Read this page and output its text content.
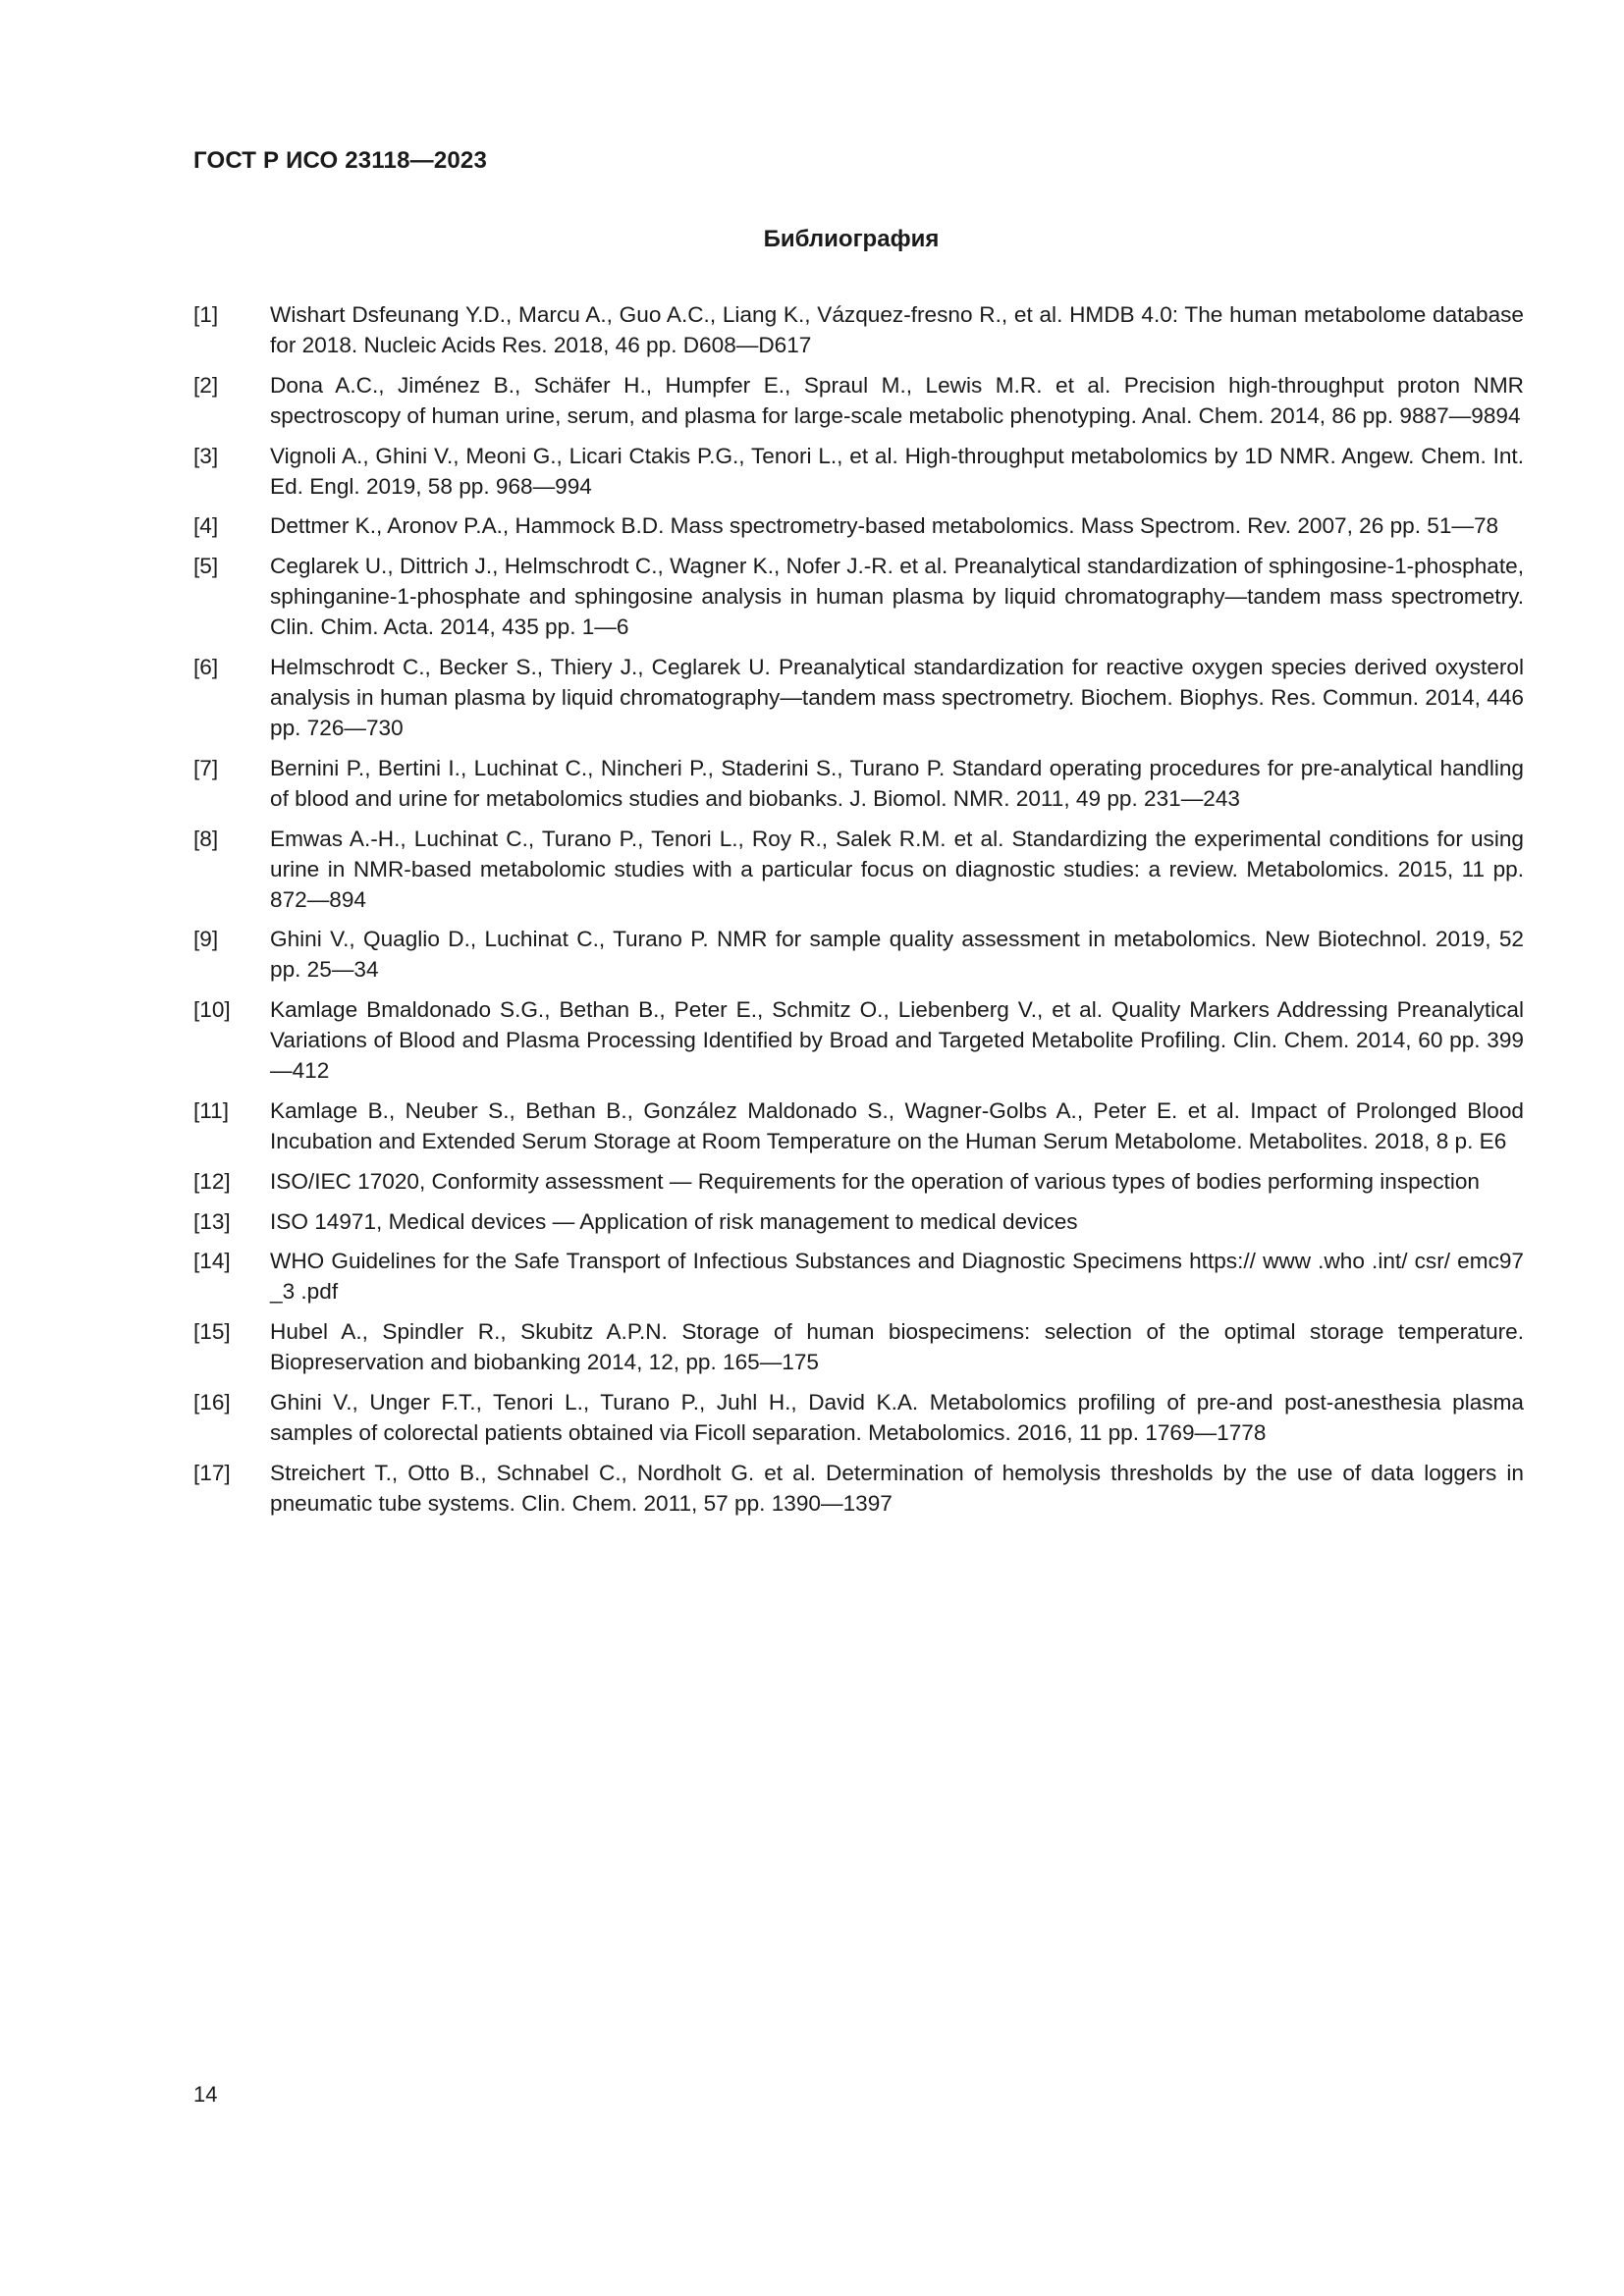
ГОСТ Р ИСО 23118—2023
Библиография
[1]	Wishart Dsfeunang Y.D., Marcu A., Guo A.C., Liang K., Vázquez-fresno R., et al. HMDB 4.0: The human metabolome database for 2018. Nucleic Acids Res. 2018, 46 pp. D608—D617
[2]	Dona A.C., Jiménez B., Schäfer H., Humpfer E., Spraul M., Lewis M.R. et al. Precision high-throughput proton NMR spectroscopy of human urine, serum, and plasma for large-scale metabolic phenotyping. Anal. Chem. 2014, 86 pp. 9887—9894
[3]	Vignoli A., Ghini V., Meoni G., Licari Ctakis P.G., Tenori L., et al. High-throughput metabolomics by 1D NMR. Angew. Chem. Int. Ed. Engl. 2019, 58 pp. 968—994
[4]	Dettmer K., Aronov P.A., Hammock B.D. Mass spectrometry-based metabolomics. Mass Spectrom. Rev. 2007, 26 pp. 51—78
[5]	Ceglarek U., Dittrich J., Helmschrodt C., Wagner K., Nofer J.-R. et al. Preanalytical standardization of sphingosine-1-phosphate, sphinganine-1-phosphate and sphingosine analysis in human plasma by liquid chromatography—tandem mass spectrometry. Clin. Chim. Acta. 2014, 435 pp. 1—6
[6]	Helmschrodt C., Becker S., Thiery J., Ceglarek U. Preanalytical standardization for reactive oxygen species derived oxysterol analysis in human plasma by liquid chromatography—tandem mass spectrometry. Biochem. Biophys. Res. Commun. 2014, 446 pp. 726—730
[7]	Bernini P., Bertini I., Luchinat C., Nincheri P., Staderini S., Turano P. Standard operating procedures for pre-analytical handling of blood and urine for metabolomics studies and biobanks. J. Biomol. NMR. 2011, 49 pp. 231—243
[8]	Emwas A.-H., Luchinat C., Turano P., Tenori L., Roy R., Salek R.M. et al. Standardizing the experimental conditions for using urine in NMR-based metabolomic studies with a particular focus on diagnostic studies: a review. Metabolomics. 2015, 11 pp. 872—894
[9]	Ghini V., Quaglio D., Luchinat C., Turano P. NMR for sample quality assessment in metabolomics. New Biotechnol. 2019, 52 pp. 25—34
[10]	Kamlage Bmaldonado S.G., Bethan B., Peter E., Schmitz O., Liebenberg V., et al. Quality Markers Addressing Preanalytical Variations of Blood and Plasma Processing Identified by Broad and Targeted Metabolite Profiling. Clin. Chem. 2014, 60 pp. 399—412
[11]	Kamlage B., Neuber S., Bethan B., González Maldonado S., Wagner-Golbs A., Peter E. et al. Impact of Prolonged Blood Incubation and Extended Serum Storage at Room Temperature on the Human Serum Metabolome. Metabolites. 2018, 8 p. E6
[12]	ISO/IEC 17020, Conformity assessment — Requirements for the operation of various types of bodies performing inspection
[13]	ISO 14971, Medical devices — Application of risk management to medical devices
[14]	WHO Guidelines for the Safe Transport of Infectious Substances and Diagnostic Specimens https:// www .who .int/ csr/ emc97 _3 .pdf
[15]	Hubel A., Spindler R., Skubitz A.P.N. Storage of human biospecimens: selection of the optimal storage temperature. Biopreservation and biobanking 2014, 12, pp. 165—175
[16]	Ghini V., Unger F.T., Tenori L., Turano P., Juhl H., David K.A. Metabolomics profiling of pre-and post-anesthesia plasma samples of colorectal patients obtained via Ficoll separation. Metabolomics. 2016, 11 pp. 1769—1778
[17]	Streichert T., Otto B., Schnabel C., Nordholt G. et al. Determination of hemolysis thresholds by the use of data loggers in pneumatic tube systems. Clin. Chem. 2011, 57 pp. 1390—1397
14
